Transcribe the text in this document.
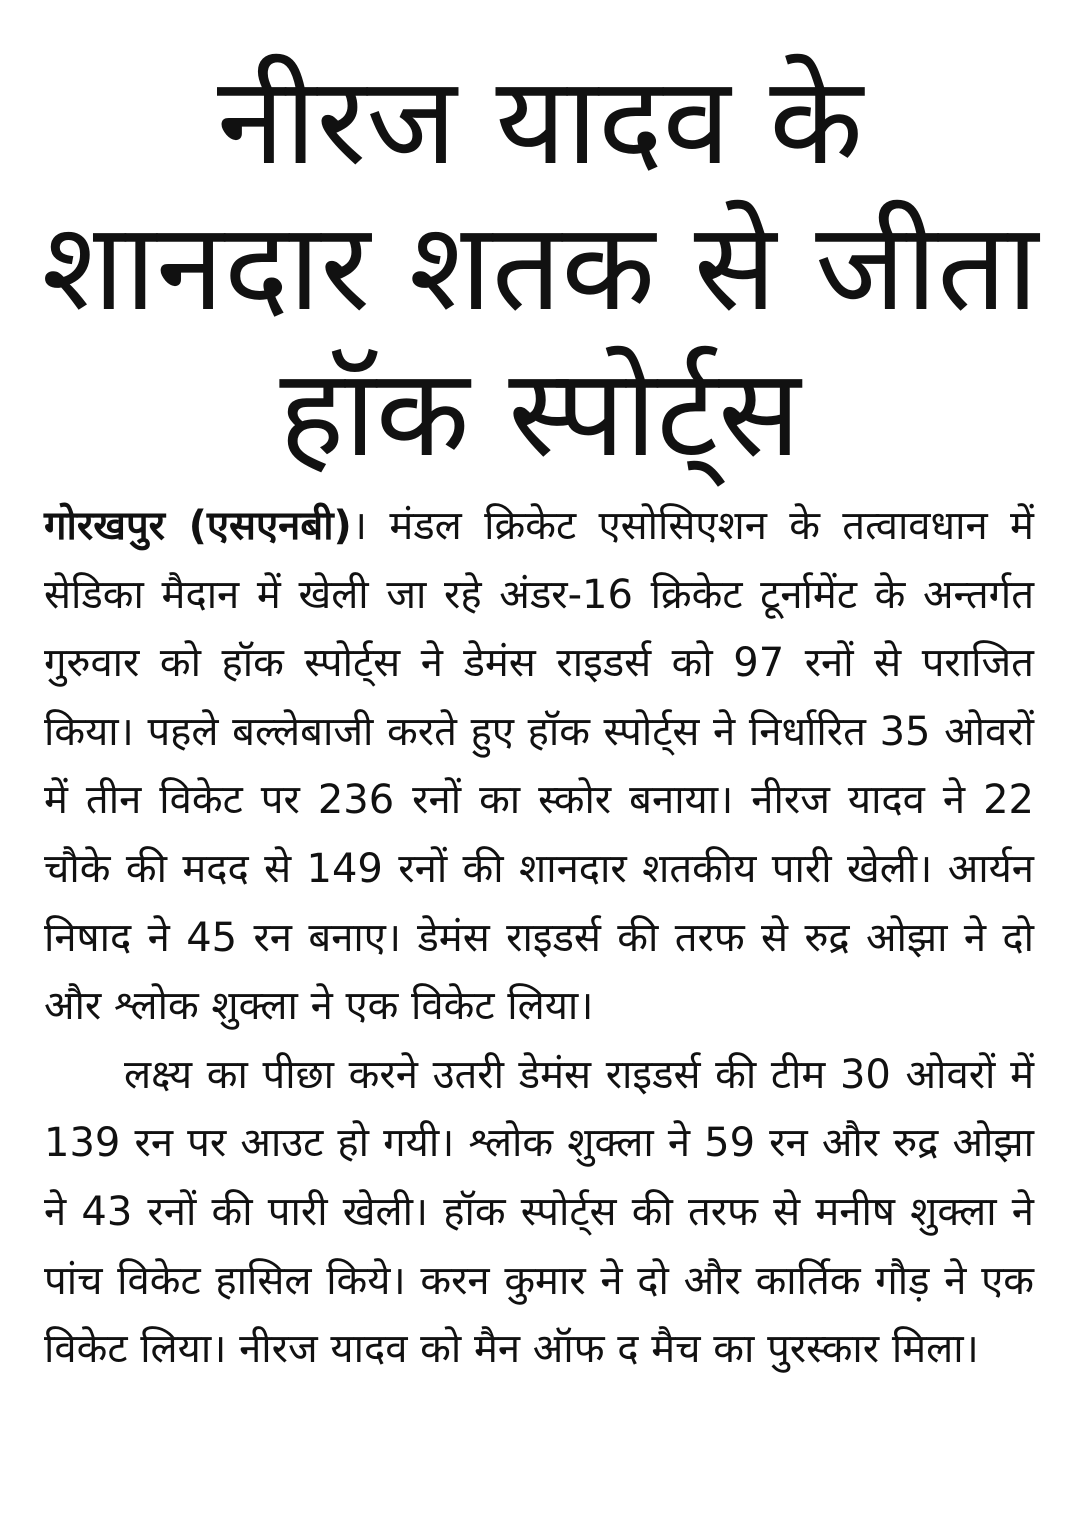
नीरज यादव के
शानदार शतक से जीता
हॉक स्पोर्ट्स

गोरखपुर (एसएनबी)। मंडल क्रिकेट एसोसिएशन के तत्वावधान में सेडिका मैदान में खेली जा रहे अंडर-16 क्रिकेट टूर्नामेंट के अन्तर्गत गुरुवार को हॉक स्पोर्ट्स ने डेमंस राइडर्स को 97 रनों से पराजित किया। पहले बल्लेबाजी करते हुए हॉक स्पोर्ट्स ने निर्धारित 35 ओवरों में तीन विकेट पर 236 रनों का स्कोर बनाया। नीरज यादव ने 22 चौके की मदद से 149 रनों की शानदार शतकीय पारी खेली। आर्यन निषाद ने 45 रन बनाए। डेमंस राइडर्स की तरफ से रुद्र ओझा ने दो और श्लोक शुक्ला ने एक विकेट लिया।

लक्ष्य का पीछा करने उतरी डेमंस राइडर्स की टीम 30 ओवरों में 139 रन पर आउट हो गयी। श्लोक शुक्ला ने 59 रन और रुद्र ओझा ने 43 रनों की पारी खेली। हॉक स्पोर्ट्स की तरफ से मनीष शुक्ला ने पांच विकेट हासिल किये। करन कुमार ने दो और कार्तिक गौड़ ने एक विकेट लिया। नीरज यादव को मैन ऑफ द मैच का पुरस्कार मिला।
